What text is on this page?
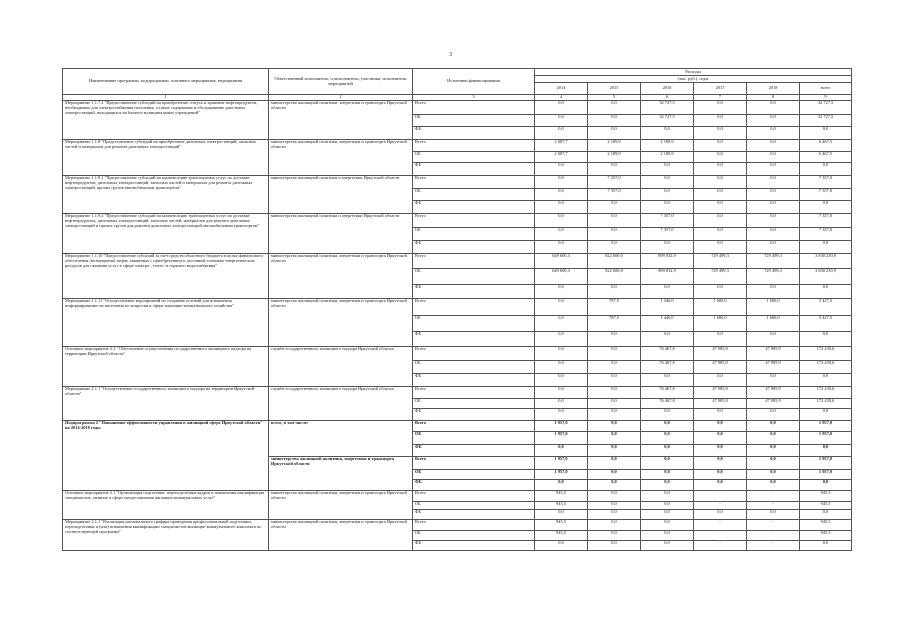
3
Наименование программы, подпрограммы, основного мероприятия, мероприятия	Ответственный исполнитель, соисполнители, участники, исполнители мероприятий	Источники финансирования	Расходы					
			(тыс. руб.), годы					
			2014	2015	2016	2017	2018	всего
1	2	3	4	5	6	7	8	9
Мероприятие 1.1.7.2 "Предоставление субсидий на приобретение, отпуск и хранение нефтепродуктов, необходимых для электроснабжения населения, а также содержание и обслуживание дизельных электростанций, находящихся на балансе муниципальных учреждений"	министерство жилищной политики, энергетики и транспорта Иркутской области	Всего	0,0	0,0	32 727,5	0,0	0,0	32 727,5
		ОБ	0,0	0,0	32 727,5	0,0	0,0	32 727,5
		ФБ	0,0	0,0	0,0	0,0	0,0	0,0
Мероприятие 1.1.8 "Предоставление субсидий на приобретение дизельных электростанций, запасных частей и материалов для ремонта дизельных электростанций"	министерство жилищной политики, энергетики и транспорта Иркутской области	Всего	2 087,7	2 189,9	2 189,9	0,0	0,0	6 467,5
		ОБ	2 087,7	2 189,9	2 189,9	0,0	0,0	6 467,5
		ФБ	0,0	0,0	0,0	0,0	0,0	0,0
Мероприятие 1.1.9.1 "Предоставление субсидий на компенсацию транспортных услуг по доставке нефтепродуктов, дизельных электростанций, запасных частей и материалов для ремонта дизельных электростанций, прочих грузов автомобильным транспортом"	министерство жилищной политики и энергетики Иркутской области	Всего	0,0	7 357,0	0,0	0,0	0,0	7 357,0
		ОБ	0,0	7 357,0	0,0	0,0	0,0	7 357,0
		ФБ	0,0	0,0	0,0	0,0	0,0	0,0
Мероприятие 1.1.9.2 "Предоставление субсидий на компенсацию транспортных услуг по доставке нефтепродуктов, дизельных электростанций, запасных частей, материалов для ремонта дизельных электростанций и прочих грузов для ремонта дизельных электростанций автомобильным транспортом"	министерство жилищной политики и энергетики Иркутской области	Всего	0,0	0,0	7 357,0	0,0	0,0	7 357,0
		ОБ	0,0	0,0	7 357,0	0,0	0,0	7 357,0
		ФБ	0,0	0,0	0,0	0,0	0,0	0,0
Мероприятие 1.1.10 "Предоставление субсидий за счет средств областного бюджета в целях финансового обеспечения (возмещения) затрат, связанных с приобретением и доставкой топливно-энергетических ресурсов для оказания услуг в сфере электро-, тепло- и горячего водоснабжения"	министерство жилищной политики, энергетики и транспорта Иркутской области	Всего	649 600,3	822 600,0	899 032,9	729 499,3	729 499,3	3 830 230,9
		ОБ	649 600,3	822 600,0	899 032,9	729 499,3	729 499,3	3 830 230,9
		ФБ	0,0	0,0	0,0	0,0	0,0	0,0
Мероприятие 1.1.11 "Осуществление мероприятий по созданию условий для повышения информированности населения по вопросам в сфере жилищно-коммунального хозяйства"	министерство жилищной политики, энергетики и транспорта Иркутской области	Всего	0,0	787,5	1 440,0	1 600,0	1 600,0	5 427,5
		ОБ	0,0	787,5	1 440,0	1 600,0	1 600,0	5 427,5
		ФБ	0,0	0,0	0,0	0,0	0,0	0,0
Основное мероприятие 2.1. "Обеспечение осуществления государственного жилищного надзора на территории Иркутской области"	служба государственного жилищного надзора Иркутской области	Всего	0,0	0,0	76 467,8	47 985,9	47 985,9	172 439,6
		ОБ	0,0	0,0	76 467,8	47 985,9	47 985,9	172 439,6
		ФБ	0,0	0,0	0,0	0,0	0,0	0,0
Мероприятие 2.1.1 "Осуществление государственного жилищного надзора на территории Иркутской области"	служба государственного жилищного надзора Иркутской области	Всего	0,0	0,0	76 467,8	47 985,9	47 985,9	172 439,6
		ОБ	0,0	0,0	76 467,8	47 985,9	47 985,9	172 439,6
		ФБ	0,0	0,0	0,0	0,0	0,0	0,0
Подпрограмма 2 "Повышение эффективности управления в жилищной сфере Иркутской области" на 2014-2018 годы	всего, в том числе:	Всего	1 957,0	0,0	0,0	0,0	0,0	1 957,0
		ОБ	1 957,0	0,0	0,0	0,0	0,0	1 957,0
		ФБ	0,0	0,0	0,0	0,0	0,0	0,0
	министерство жилищной политики, энергетики и транспорта Иркутской области	Всего	1 957,0	0,0	0,0	0,0	0,0	1 957,0
		ОБ	1 957,0	0,0	0,0	0,0	0,0	1 957,0
		ФБ	0,0	0,0	0,0	0,0	0,0	0,0
Основное мероприятие 2.1 "Организация подготовки, переподготовки кадров и повышения квалификации специалистов, занятых в сфере предоставления жилищно-коммунальных услуг"	министерство жилищной политики, энергетики и транспорта Иркутской области	Всего	945,5	0,0	0,0	-	-	945,5
		ОБ	945,5	0,0	0,0	-	-	945,5
		ФБ	0,0	0,0	0,0	0,0	0,0	0,0
Мероприятие 2.1.1 "Реализация регионального графика проведения профессиональной подготовки, переподготовки и (или) повышения квалификации специалистов жилищно-коммунального комплекса по соответствующей программе"	министерство жилищной политики, энергетики и транспорта Иркутской области	Всего	945,5	0,0	0,0	-	-	945,5
		ОБ	945,5	0,0	0,0	-	-	945,5
		ФБ	0,0	0,0	0,0	-	-	0,0
